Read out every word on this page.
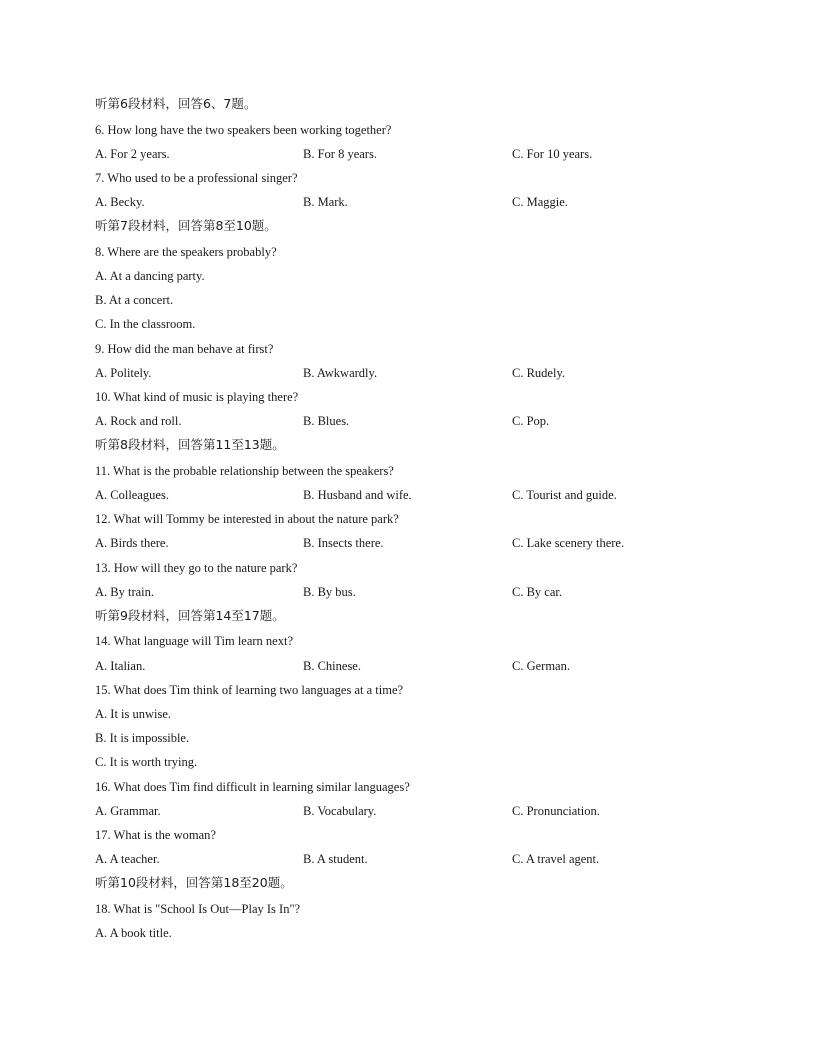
听第6段材料，回答6、7题。
6. How long have the two speakers been working together?
A. For 2 years.	B. For 8 years.	C. For 10 years.
7. Who used to be a professional singer?
A. Becky.	B. Mark.	C. Maggie.
听第7段材料，回答第8至10题。
8. Where are the speakers probably?
A. At a dancing party.
B. At a concert.
C. In the classroom.
9. How did the man behave at first?
A. Politely.	B. Awkwardly.	C. Rudely.
10. What kind of music is playing there?
A. Rock and roll.	B. Blues.	C. Pop.
听第8段材料，回答第11至13题。
11. What is the probable relationship between the speakers?
A. Colleagues.	B. Husband and wife.	C. Tourist and guide.
12. What will Tommy be interested in about the nature park?
A. Birds there.	B. Insects there.	C. Lake scenery there.
13. How will they go to the nature park?
A. By train.	B. By bus.	C. By car.
听第9段材料，回答第14至17题。
14. What language will Tim learn next?
A. Italian.	B. Chinese.	C. German.
15. What does Tim think of learning two languages at a time?
A. It is unwise.
B. It is impossible.
C. It is worth trying.
16. What does Tim find difficult in learning similar languages?
A. Grammar.	B. Vocabulary.	C. Pronunciation.
17. What is the woman?
A. A teacher.	B. A student.	C. A travel agent.
听第10段材料，回答第18至20题。
18. What is "School Is Out—Play Is In"?
A. A book title.
